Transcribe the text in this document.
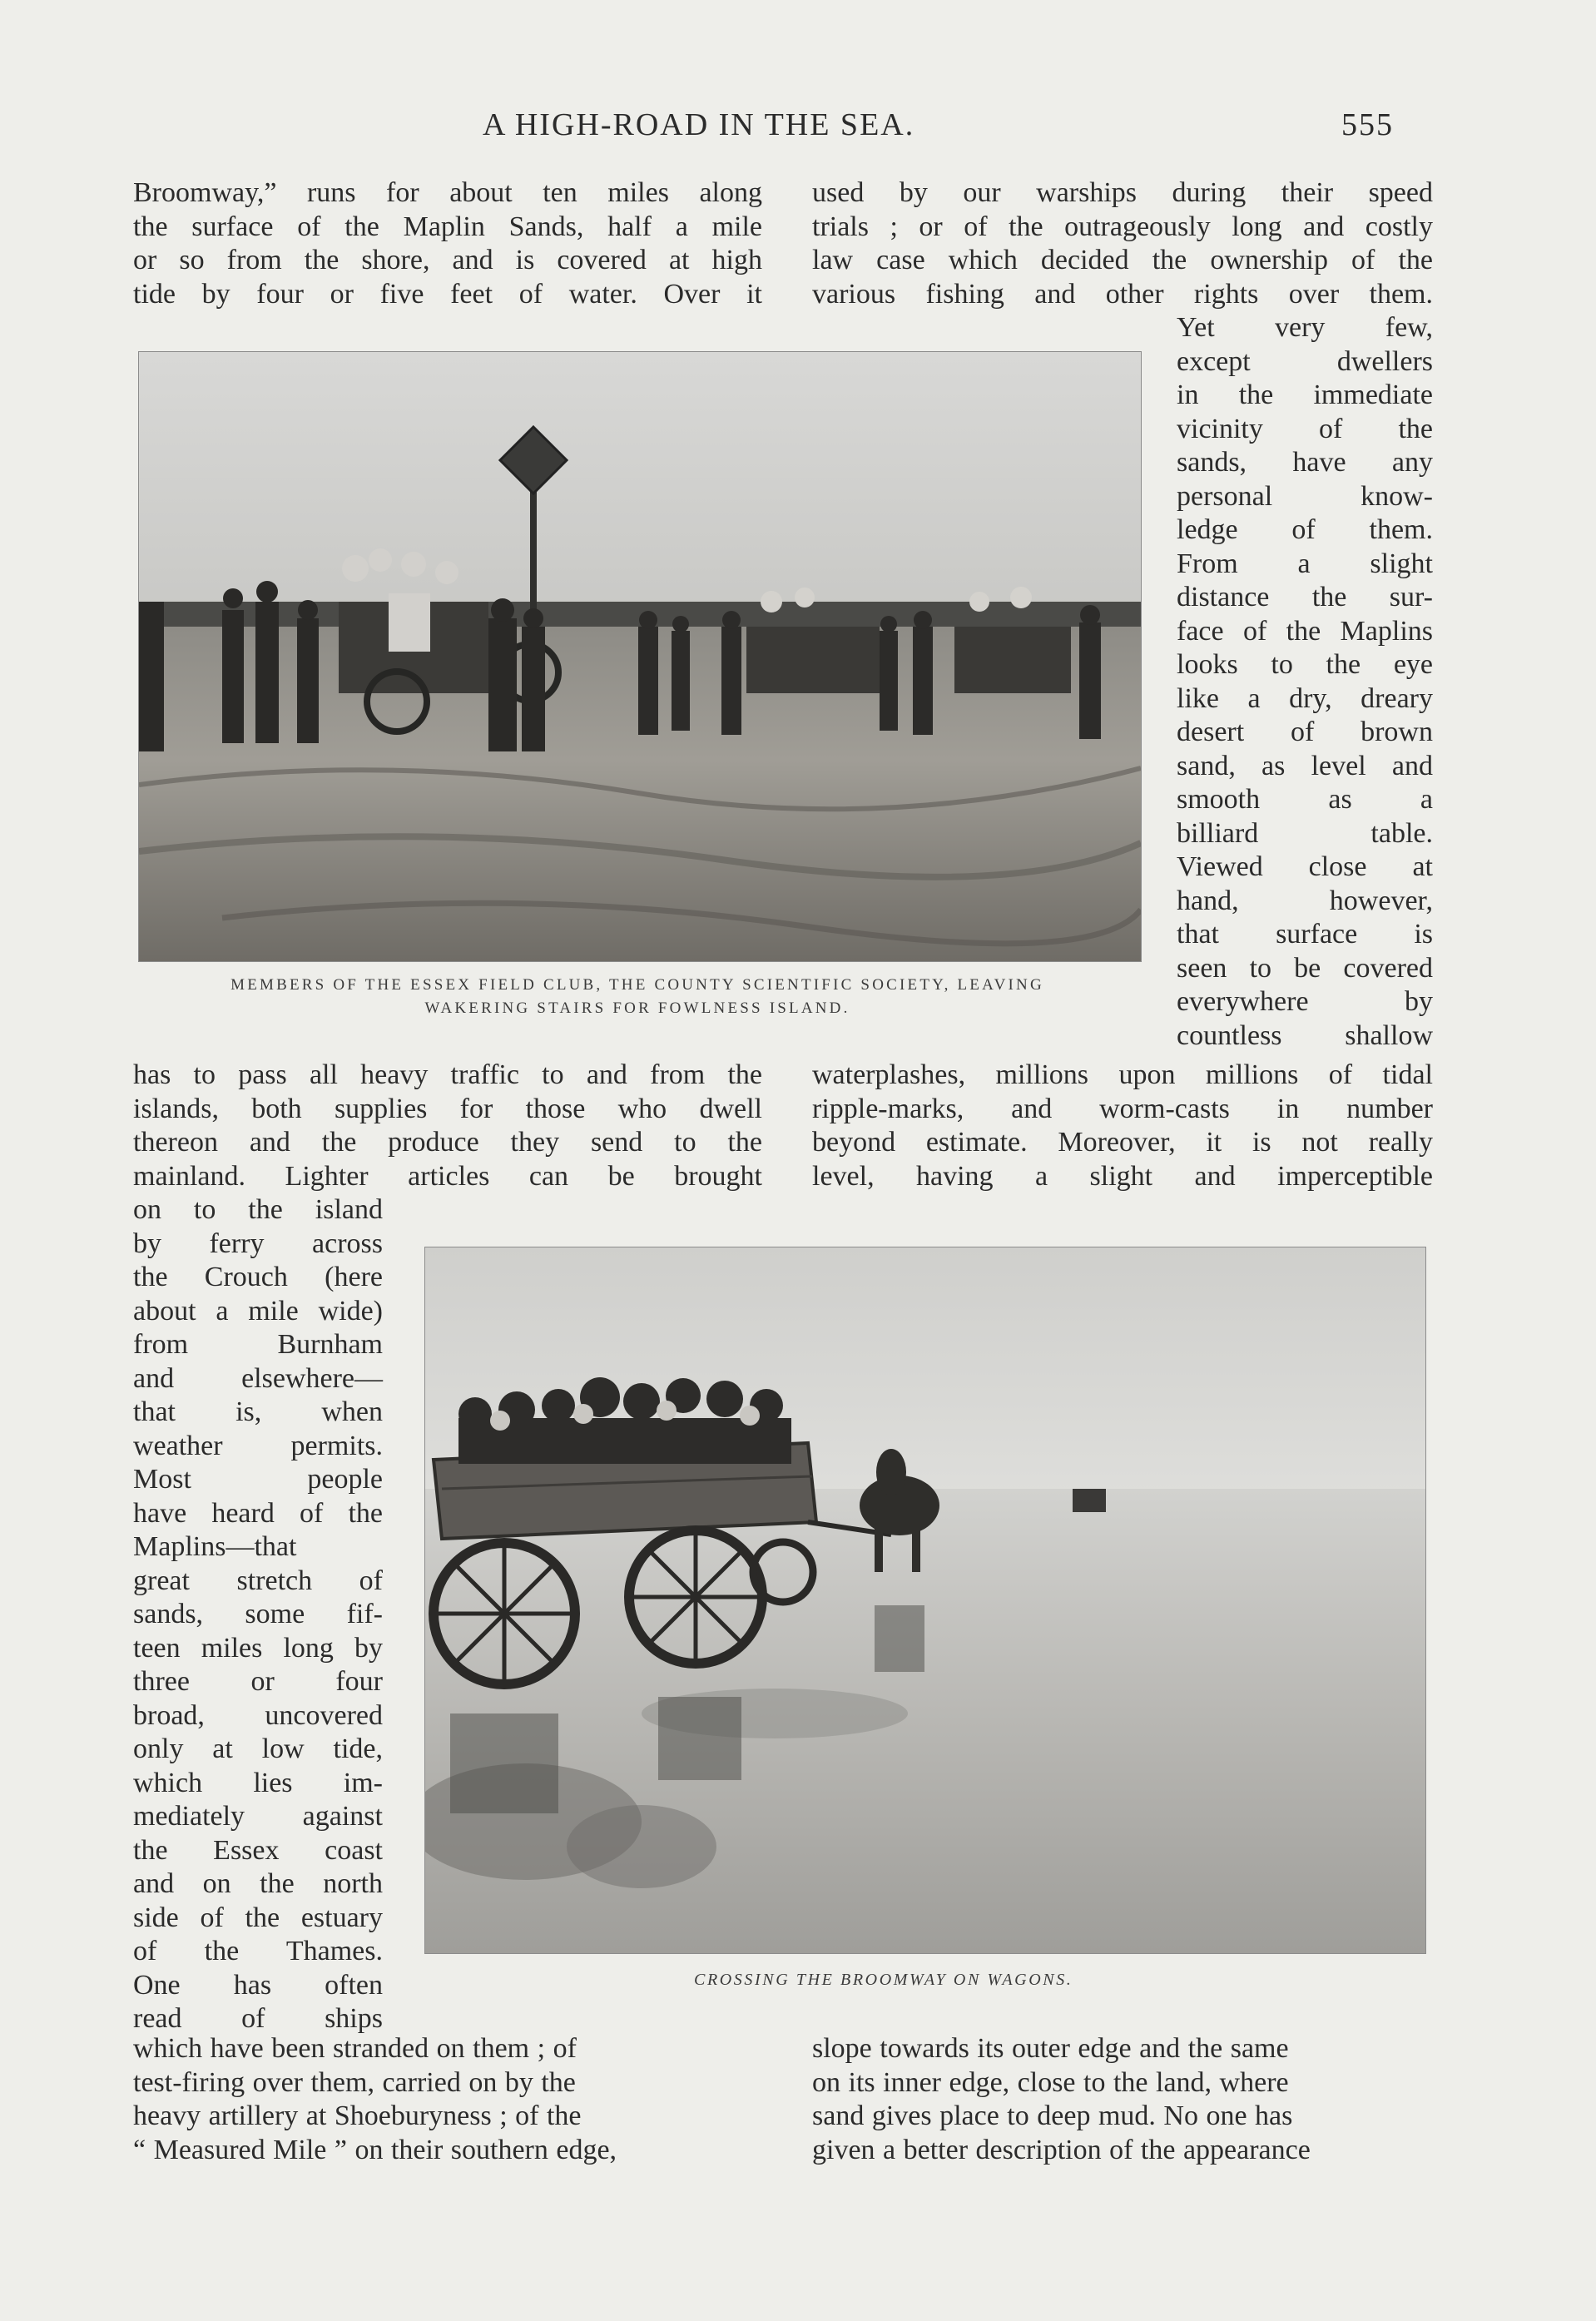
A HIGH-ROAD IN THE SEA.	555

Broomway,” runs for about ten miles along
the surface of the Maplin Sands, half a mile
or so from the shore, and is covered at high
tide by four or five feet of water. Over it

used by our warships during their speed
trials ; or of the outrageously long and costly
law case which decided the ownership of the
various fishing and other rights over them.

Yet very few,
except dwellers
in the immediate
vicinity of the
sands, have any
personal know-
ledge of them.
From a slight
distance the sur-
face of the Maplins
looks to the eye
like a dry, dreary
desert of brown
sand, as level and
smooth as a
billiard table.
Viewed close at
hand, however,
that surface is
seen to be covered
everywhere by
countless shallow

MEMBERS OF THE ESSEX FIELD CLUB, THE COUNTY SCIENTIFIC SOCIETY, LEAVING
WAKERING STAIRS FOR FOWLNESS ISLAND.

has to pass all heavy traffic to and from the
islands, both supplies for those who dwell
thereon and the produce they send to the
mainland. Lighter articles can be brought

waterplashes, millions upon millions of tidal
ripple-marks, and worm-casts in number
beyond estimate. Moreover, it is not really
level, having a slight and imperceptible

on to the island
by ferry across
the Crouch (here
about a mile wide)
from Burnham
and elsewhere—
that is, when
weather permits.
Most people
have heard of the
Maplins—that
great stretch of
sands, some fif-
teen miles long by
three or four
broad, uncovered
only at low tide,
which lies im-
mediately against
the Essex coast
and on the north
side of the estuary
of the Thames.
One has often
read of ships

CROSSING THE BROOMWAY ON WAGONS.

which have been stranded on them ; of
test-firing over them, carried on by the
heavy artillery at Shoeburyness ; of the
“ Measured Mile ” on their southern edge,

slope towards its outer edge and the same
on its inner edge, close to the land, where
sand gives place to deep mud. No one has
given a better description of the appearance
